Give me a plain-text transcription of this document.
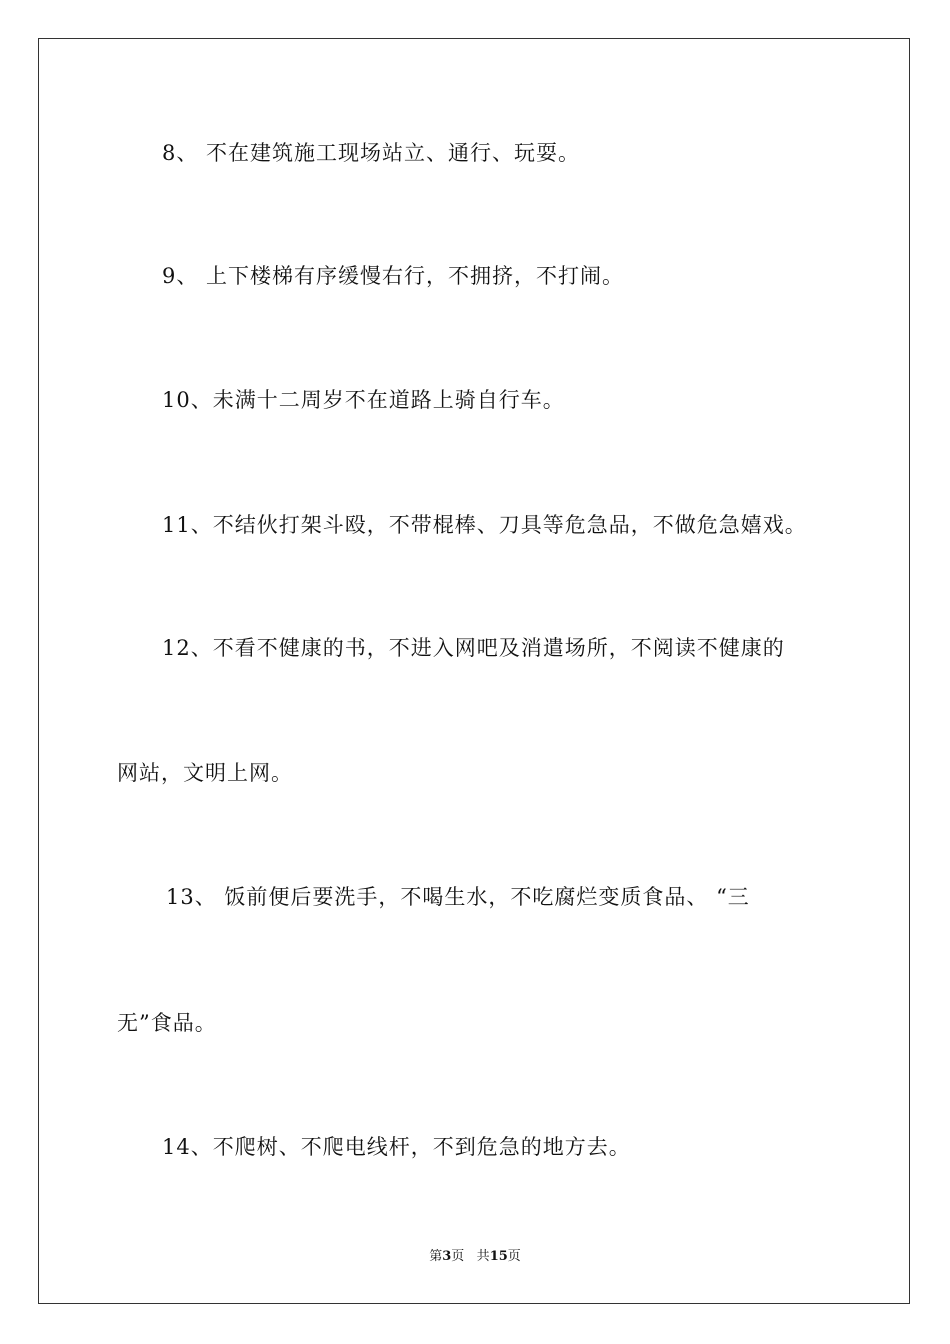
8、 不在建筑施工现场站立、通行、玩耍。
9、 上下楼梯有序缓慢右行，不拥挤，不打闹。
10、未满十二周岁不在道路上骑自行车。
11、不结伙打架斗殴，不带棍棒、刀具等危急品，不做危急嬉戏。
12、不看不健康的书，不进入网吧及消遣场所，不阅读不健康的
网站，文明上网。
13、 饭前便后要洗手，不喝生水，不吃腐烂变质食品、 “三
无”食品。
14、不爬树、不爬电线杆，不到危急的地方去。
第3页 共15页
